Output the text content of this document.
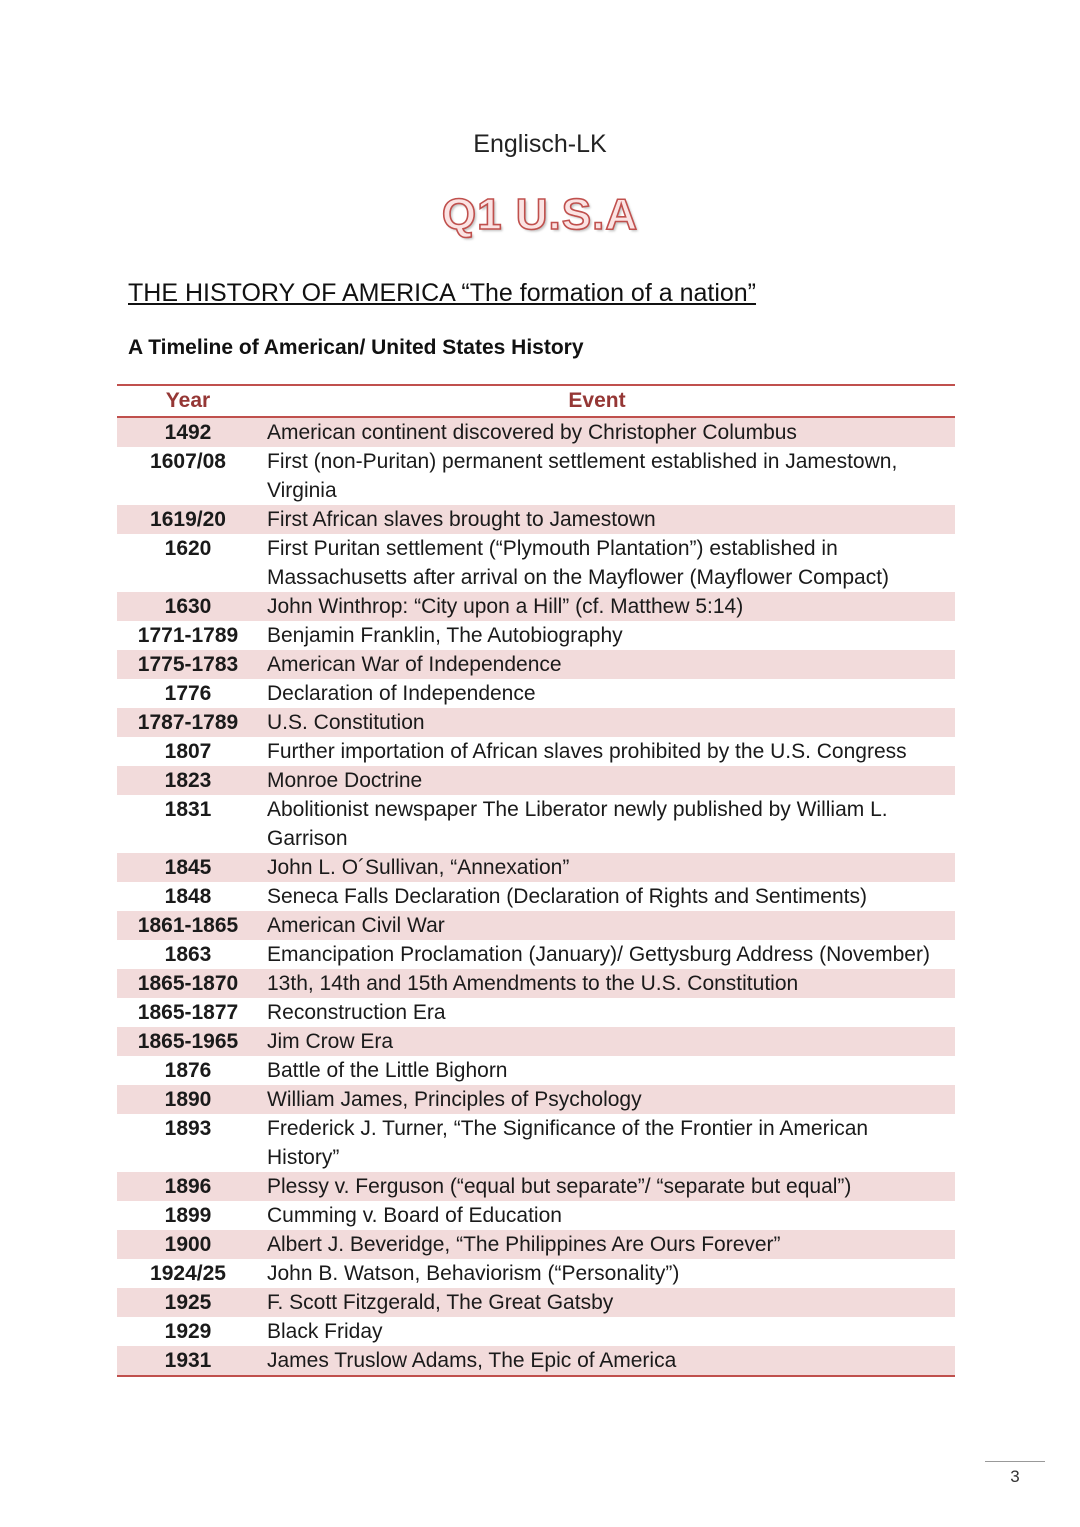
Englisch-LK
Q1 U.S.A
THE HISTORY OF AMERICA “The formation of a nation”
A Timeline of American/ United States History
Year	Event
1492	American continent discovered by Christopher Columbus
1607/08	First (non-Puritan) permanent settlement established in Jamestown, Virginia
1619/20	First African slaves brought to Jamestown
1620	First Puritan settlement (“Plymouth Plantation”) established in Massachusetts after arrival on the Mayflower (Mayflower Compact)
1630	John Winthrop: “City upon a Hill” (cf. Matthew 5:14)
1771-1789	Benjamin Franklin, The Autobiography
1775-1783	American War of Independence
1776	Declaration of Independence
1787-1789	U.S. Constitution
1807	Further importation of African slaves prohibited by the U.S. Congress
1823	Monroe Doctrine
1831	Abolitionist newspaper The Liberator newly published by William L. Garrison
1845	John L. O´Sullivan, “Annexation”
1848	Seneca Falls Declaration (Declaration of Rights and Sentiments)
1861-1865	American Civil War
1863	Emancipation Proclamation (January)/ Gettysburg Address (November)
1865-1870	13th, 14th and 15th Amendments to the U.S. Constitution
1865-1877	Reconstruction Era
1865-1965	Jim Crow Era
1876	Battle of the Little Bighorn
1890	William James, Principles of Psychology
1893	Frederick J. Turner, “The Significance of the Frontier in American History”
1896	Plessy v. Ferguson (“equal but separate”/ “separate but equal”)
1899	Cumming v. Board of Education
1900	Albert J. Beveridge, “The Philippines Are Ours Forever”
1924/25	John B. Watson, Behaviorism (“Personality”)
1925	F. Scott Fitzgerald, The Great Gatsby
1929	Black Friday
1931	James Truslow Adams, The Epic of America
3
